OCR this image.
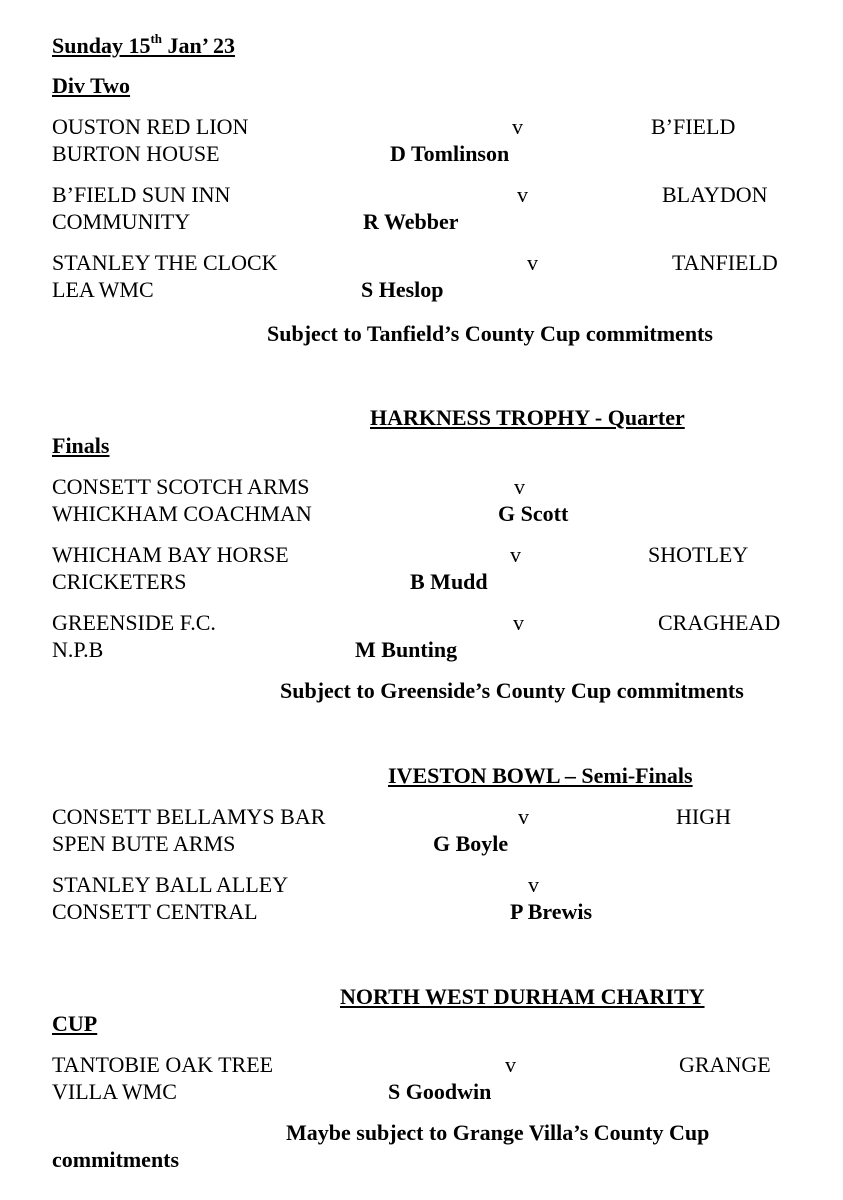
Sunday 15th Jan’ 23
Div Two
OUSTON RED LION	v	B’FIELD
BURTON HOUSE	D Tomlinson
B’FIELD SUN INN	v	BLAYDON
COMMUNITY	R Webber
STANLEY THE CLOCK	v	TANFIELD
LEA WMC	S Heslop
Subject to Tanfield’s County Cup commitments
HARKNESS TROPHY - Quarter
Finals
CONSETT SCOTCH ARMS	v
WHICKHAM COACHMAN	G Scott
WHICHAM BAY HORSE	v	SHOTLEY
CRICKETERS	B Mudd
GREENSIDE F.C.	v	CRAGHEAD
N.P.B	M Bunting
Subject to Greenside’s County Cup commitments
IVESTON BOWL – Semi-Finals
CONSETT BELLAMYS BAR	v	HIGH
SPEN BUTE ARMS	G Boyle
STANLEY BALL ALLEY	v
CONSETT CENTRAL	P Brewis
NORTH WEST DURHAM CHARITY
CUP
TANTOBIE OAK TREE	v	GRANGE
VILLA WMC	S Goodwin
Maybe subject to Grange Villa’s County Cup
commitments
